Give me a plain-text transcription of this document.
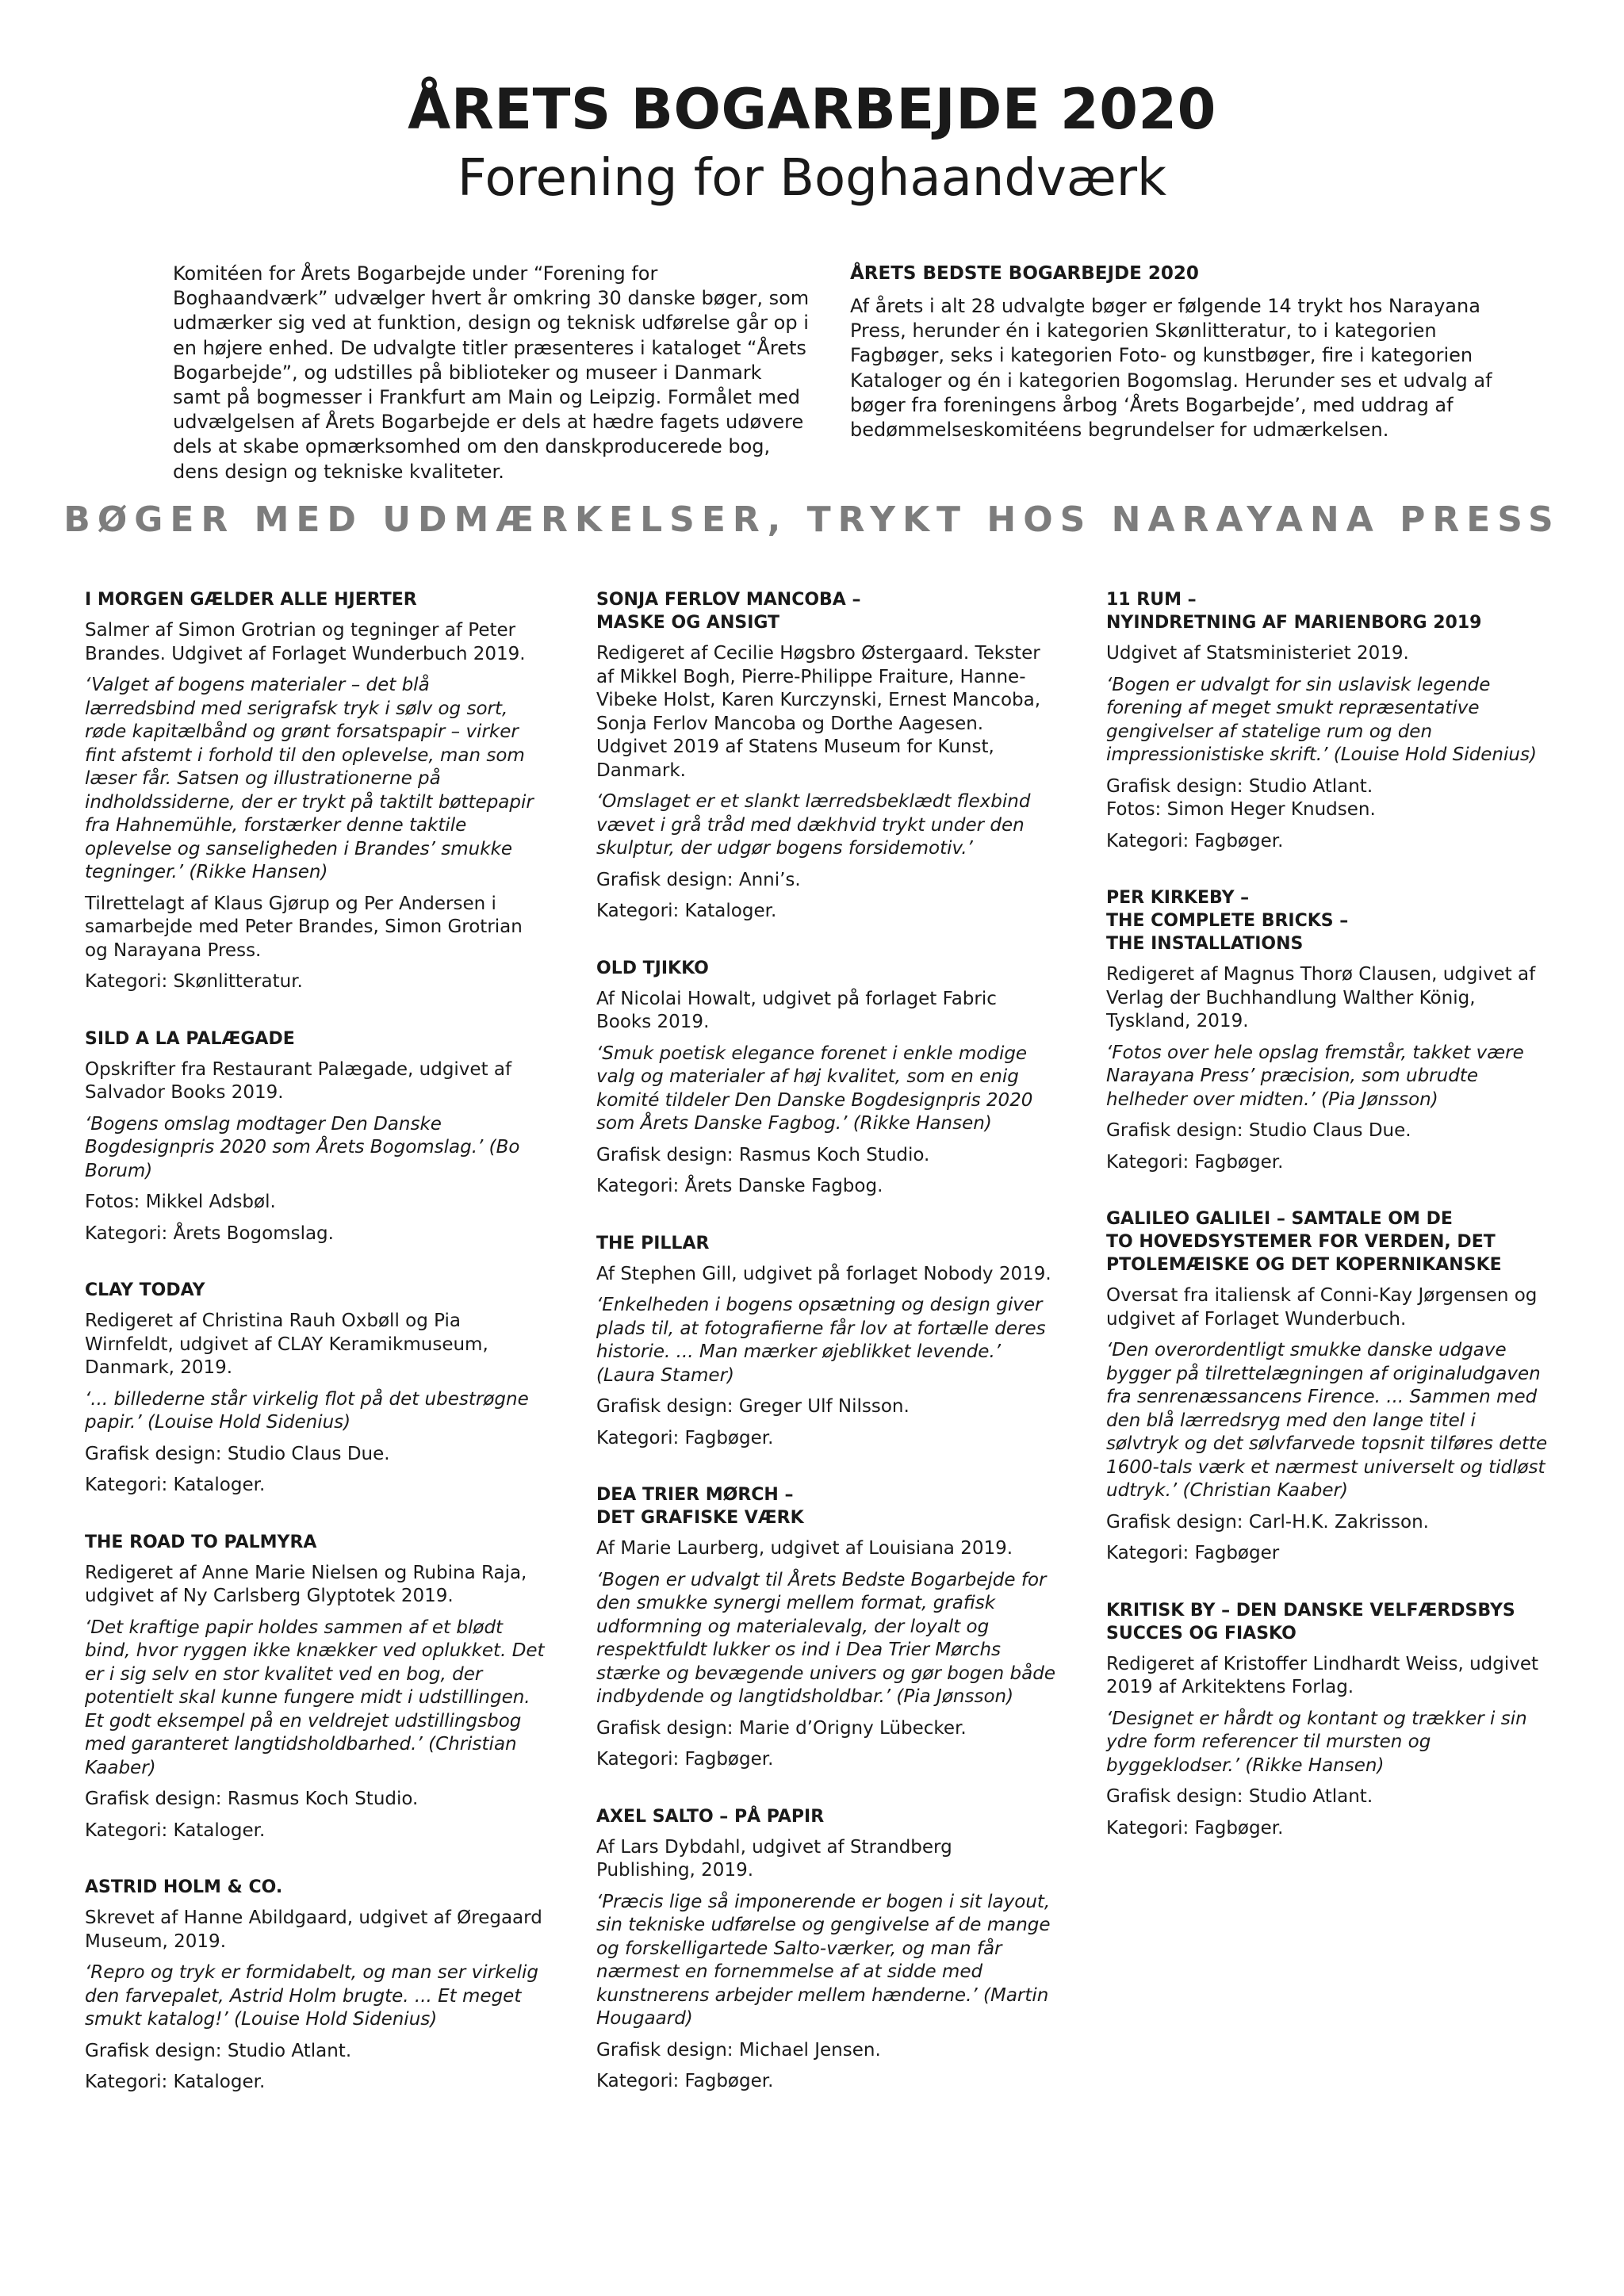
ÅRETS BOGARBEJDE 2020
Forening for Boghaandværk
Komitéen for Årets Bogarbejde under “Forening for Boghaandværk” udvælger hvert år omkring 30 danske bøger, som udmærker sig ved at funktion, design og teknisk udførelse går op i en højere enhed. De udvalgte titler præsenteres i kataloget “Årets Bogarbejde”, og udstilles på biblioteker og museer i Danmark samt på bogmesser i Frankfurt am Main og Leipzig. Formålet med udvælgelsen af Årets Bogarbejde er dels at hædre fagets udøvere dels at skabe opmærksomhed om den danskproducerede bog, dens design og tekniske kvaliteter.
ÅRETS BEDSTE BOGARBEJDE 2020
Af årets i alt 28 udvalgte bøger er følgende 14 trykt hos Narayana Press, herunder én i kategorien Skønlitteratur, to i kategorien Fagbøger, seks i kategorien Foto- og kunstbøger, fire i kategorien Kataloger og én i kategorien Bogomslag. Herunder ses et udvalg af bøger fra foreningens årbog ‘Årets Bogarbejde’, med uddrag af bedømmelseskomitéens begrundelser for udmærkelsen.
BØGER MED UDMÆRKELSER, TRYKT HOS NARAYANA PRESS
I MORGEN GÆLDER ALLE HJERTER
Salmer af Simon Grotrian og tegninger af Peter Brandes. Udgivet af Forlaget Wunderbuch 2019.
‘Valget af bogens materialer – det blå lærredsbind med serigrafsk tryk i sølv og sort, røde kapitælbånd og grønt forsatspapir – virker fint afstemt i forhold til den oplevelse, man som læser får. Satsen og illustrationerne på indholdssiderne, der er trykt på taktilt bøttepapir fra Hahnemühle, forstærker denne taktile oplevelse og sanseligheden i Brandes’ smukke tegninger.’ (Rikke Hansen)
Tilrettelagt af Klaus Gjørup og Per Andersen i samarbejde med Peter Brandes, Simon Grotrian og Narayana Press.
Kategori: Skønlitteratur.
SILD A LA PALÆGADE
Opskrifter fra Restaurant Palægade, udgivet af Salvador Books 2019.
‘Bogens omslag modtager Den Danske Bogdesignpris 2020 som Årets Bogomslag.’ (Bo Borum)
Fotos: Mikkel Adsbøl.
Kategori: Årets Bogomslag.
CLAY TODAY
Redigeret af Christina Rauh Oxbøll og Pia Wirnfeldt, udgivet af CLAY Keramikmuseum, Danmark, 2019.
‘... billederne står virkelig flot på det ubestrøgne papir.’ (Louise Hold Sidenius)
Grafisk design: Studio Claus Due.
Kategori: Kataloger.
THE ROAD TO PALMYRA
Redigeret af Anne Marie Nielsen og Rubina Raja, udgivet af Ny Carlsberg Glyptotek 2019.
‘Det kraftige papir holdes sammen af et blødt bind, hvor ryggen ikke knækker ved oplukket. Det er i sig selv en stor kvalitet ved en bog, der potentielt skal kunne fungere midt i udstillingen. Et godt eksempel på en veldrejet udstillingsbog med garanteret langtidsholdbarhed.’ (Christian Kaaber)
Grafisk design: Rasmus Koch Studio.
Kategori: Kataloger.
ASTRID HOLM & CO.
Skrevet af Hanne Abildgaard, udgivet af Øregaard Museum, 2019.
‘Repro og tryk er formidabelt, og man ser virkelig den farvepalet, Astrid Holm brugte. ... Et meget smukt katalog!’ (Louise Hold Sidenius)
Grafisk design: Studio Atlant.
Kategori: Kataloger.
SONJA FERLOV MANCOBA –
MASKE OG ANSIGT
Redigeret af Cecilie Høgsbro Østergaard. Tekster af Mikkel Bogh, Pierre-Philippe Fraiture, Hanne-Vibeke Holst, Karen Kurczynski, Ernest Mancoba, Sonja Ferlov Mancoba og Dorthe Aagesen. Udgivet 2019 af Statens Museum for Kunst, Danmark.
‘Omslaget er et slankt lærredsbeklædt flexbind vævet i grå tråd med dækhvid trykt under den skulptur, der udgør bogens forsidemotiv.’
Grafisk design: Anni’s.
Kategori: Kataloger.
OLD TJIKKO
Af Nicolai Howalt, udgivet på forlaget Fabric Books 2019.
‘Smuk poetisk elegance forenet i enkle modige valg og materialer af høj kvalitet, som en enig komité tildeler Den Danske Bogdesignpris 2020 som Årets Danske Fagbog.’ (Rikke Hansen)
Grafisk design: Rasmus Koch Studio.
Kategori: Årets Danske Fagbog.
THE PILLAR
Af Stephen Gill, udgivet på forlaget Nobody 2019.
‘Enkelheden i bogens opsætning og design giver plads til, at fotografierne får lov at fortælle deres historie. ... Man mærker øjeblikket levende.’ (Laura Stamer)
Grafisk design: Greger Ulf Nilsson.
Kategori: Fagbøger.
DEA TRIER MØRCH –
DET GRAFISKE VÆRK
Af Marie Laurberg, udgivet af Louisiana 2019.
‘Bogen er udvalgt til Årets Bedste Bogarbejde for den smukke synergi mellem format, grafisk udformning og materialevalg, der loyalt og respektfuldt lukker os ind i Dea Trier Mørchs stærke og bevægende univers og gør bogen både indbydende og langtidsholdbar.’ (Pia Jønsson)
Grafisk design: Marie d’Origny Lübecker.
Kategori: Fagbøger.
AXEL SALTO – PÅ PAPIR
Af Lars Dybdahl, udgivet af Strandberg Publishing, 2019.
‘Præcis lige så imponerende er bogen i sit layout, sin tekniske udførelse og gengivelse af de mange og forskelligartede Salto-værker, og man får nærmest en fornemmelse af at sidde med kunstnerens arbejder mellem hænderne.’ (Martin Hougaard)
Grafisk design: Michael Jensen.
Kategori: Fagbøger.
11 RUM –
NYINDRETNING AF MARIENBORG 2019
Udgivet af Statsministeriet 2019.
‘Bogen er udvalgt for sin uslavisk legende forening af meget smukt repræsentative gengivelser af statelige rum og den impressionistiske skrift.’ (Louise Hold Sidenius)
Grafisk design: Studio Atlant.
Fotos: Simon Heger Knudsen.
Kategori: Fagbøger.
PER KIRKEBY –
THE COMPLETE BRICKS –
THE INSTALLATIONS
Redigeret af Magnus Thorø Clausen, udgivet af Verlag der Buchhandlung Walther König, Tyskland, 2019.
‘Fotos over hele opslag fremstår, takket være Narayana Press’ præcision, som ubrudte helheder over midten.’ (Pia Jønsson)
Grafisk design: Studio Claus Due.
Kategori: Fagbøger.
GALILEO GALILEI – SAMTALE OM DE
TO HOVEDSYSTEMER FOR VERDEN, DET
PTOLEMÆISKE OG DET KOPERNIKANSKE
Oversat fra italiensk af Conni-Kay Jørgensen og udgivet af Forlaget Wunderbuch.
‘Den overordentligt smukke danske udgave bygger på tilrettelægningen af originaludgaven fra senrenæssancens Firence. ... Sammen med den blå lærredsryg med den lange titel i sølvtryk og det sølvfarvede topsnit tilføres dette 1600-tals værk et nærmest universelt og tidløst udtryk.’ (Christian Kaaber)
Grafisk design: Carl-H.K. Zakrisson.
Kategori: Fagbøger
KRITISK BY – DEN DANSKE VELFÆRDSBYS
SUCCES OG FIASKO
Redigeret af Kristoffer Lindhardt Weiss, udgivet 2019 af Arkitektens Forlag.
‘Designet er hårdt og kontant og trækker i sin ydre form referencer til mursten og byggeklodser.’ (Rikke Hansen)
Grafisk design: Studio Atlant.
Kategori: Fagbøger.
